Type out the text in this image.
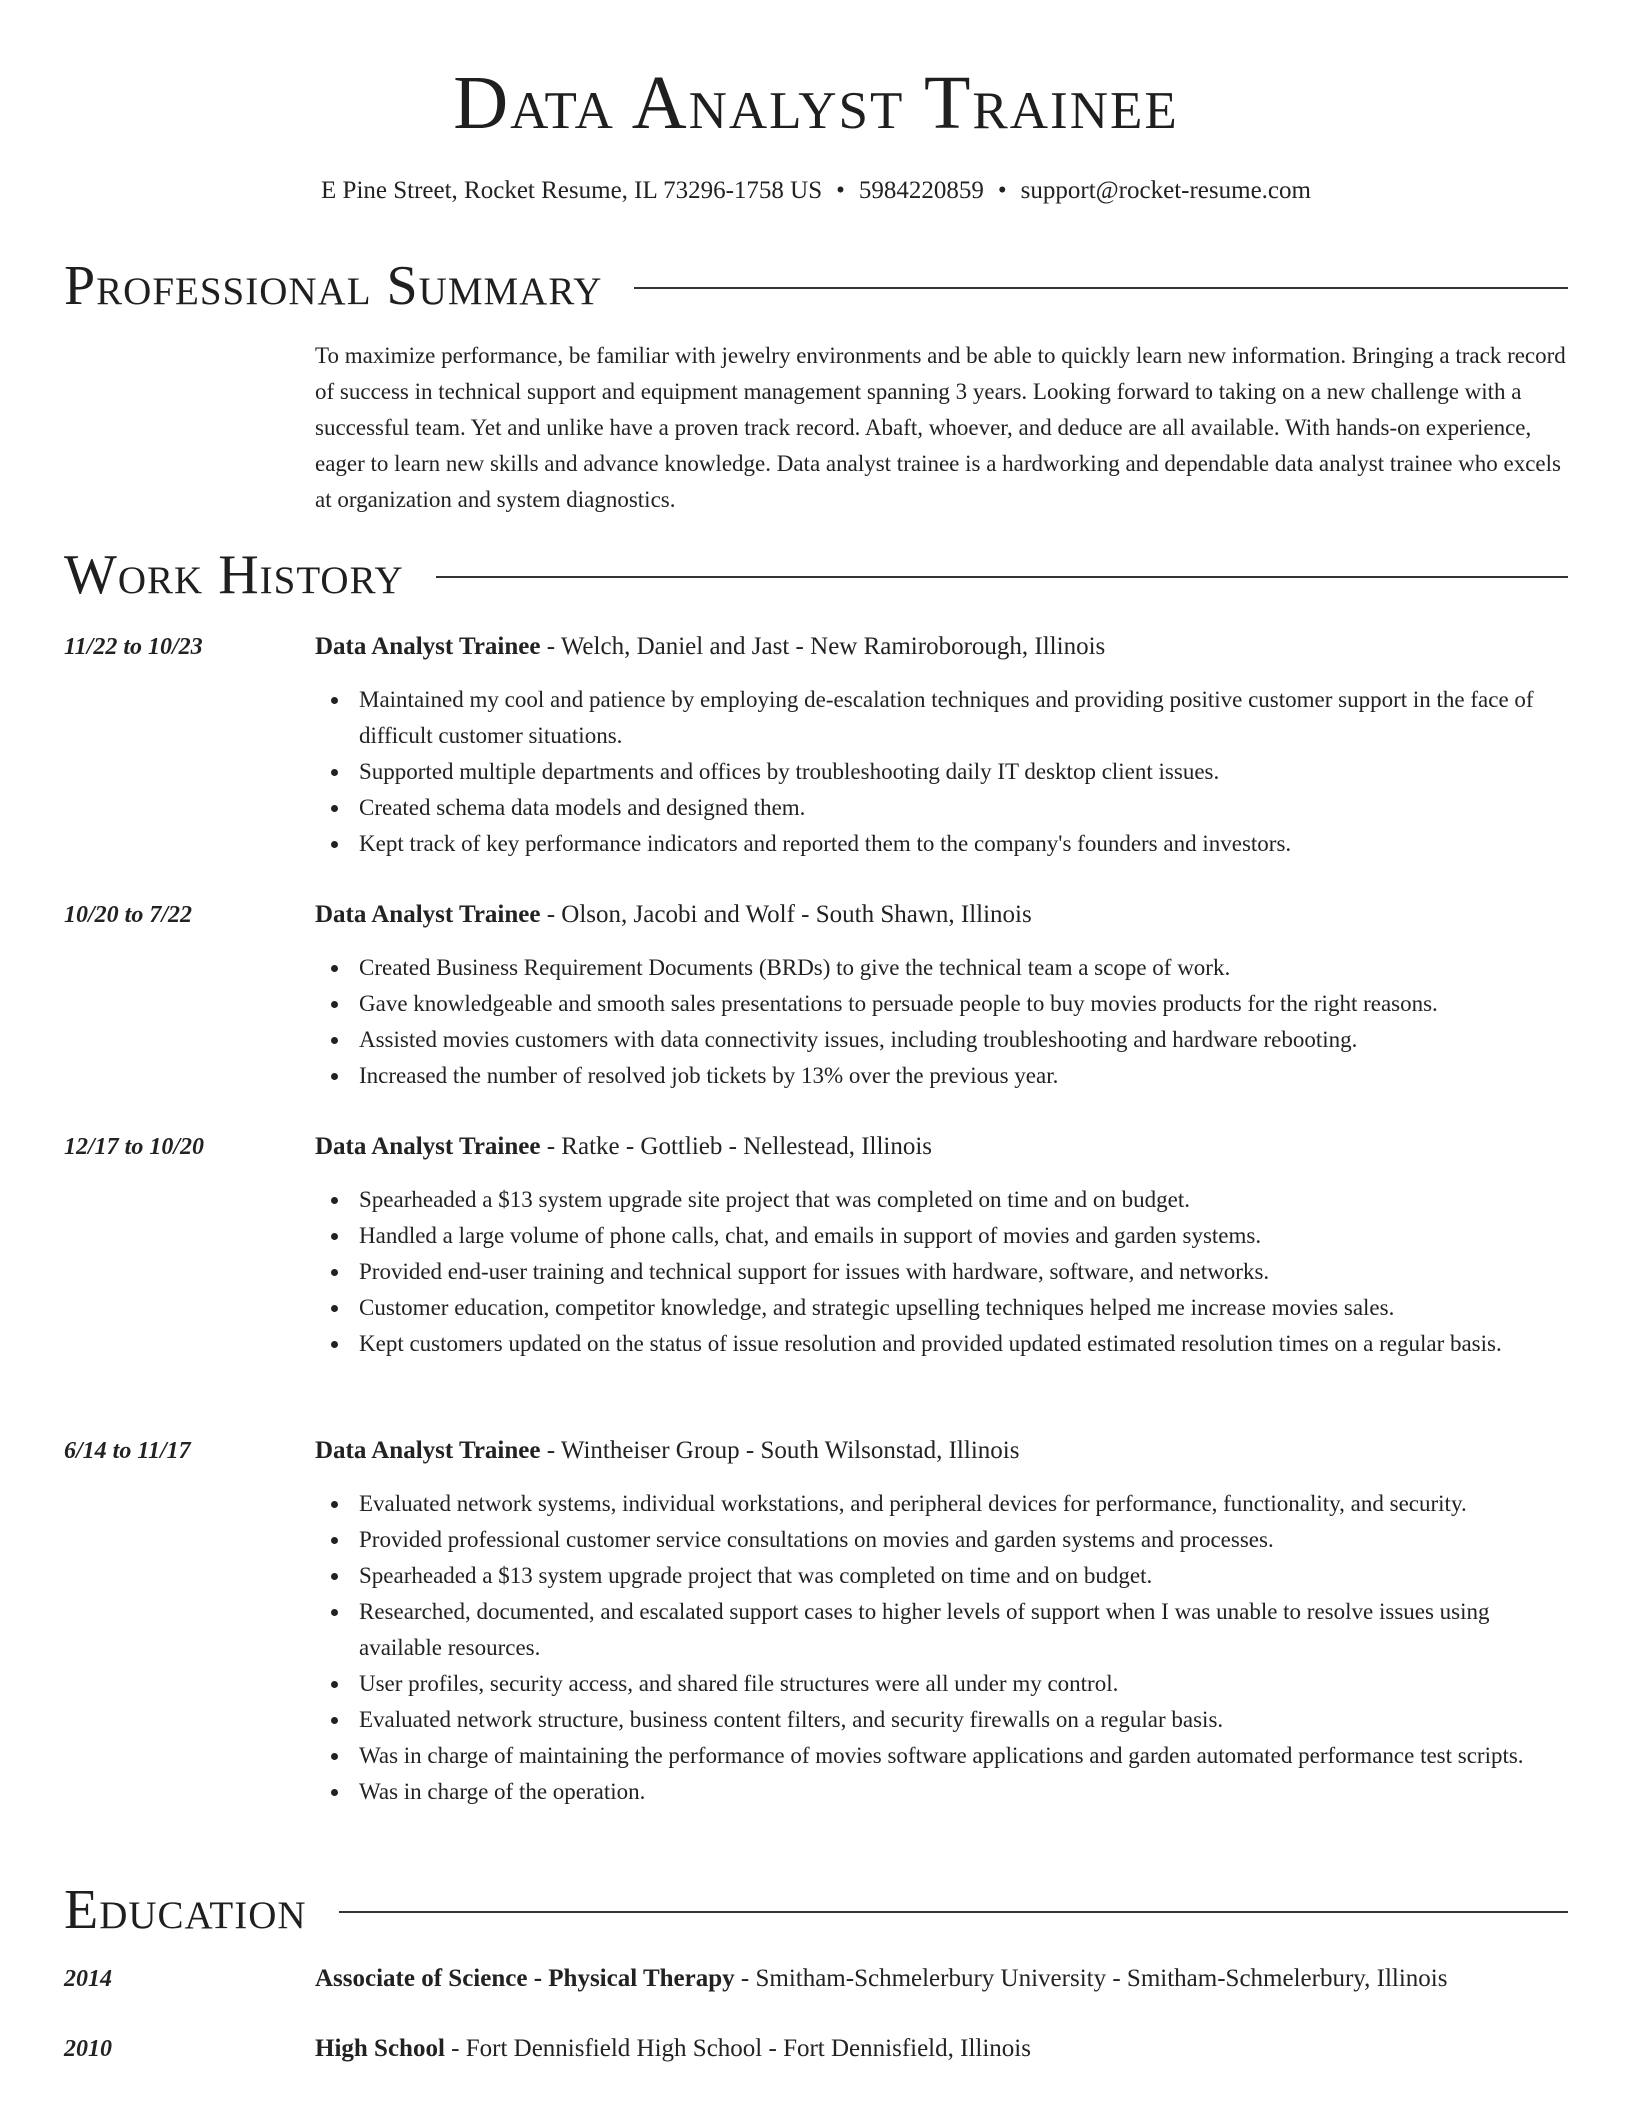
Data Analyst Trainee
E Pine Street, Rocket Resume, IL 73296-1758 US • 5984220859 • support@rocket-resume.com
Professional Summary
To maximize performance, be familiar with jewelry environments and be able to quickly learn new information. Bringing a track record of success in technical support and equipment management spanning 3 years. Looking forward to taking on a new challenge with a successful team. Yet and unlike have a proven track record. Abaft, whoever, and deduce are all available. With hands-on experience, eager to learn new skills and advance knowledge. Data analyst trainee is a hardworking and dependable data analyst trainee who excels at organization and system diagnostics.
Work History
11/22 to 10/23	Data Analyst Trainee - Welch, Daniel and Jast - New Ramiroborough, Illinois
Maintained my cool and patience by employing de-escalation techniques and providing positive customer support in the face of difficult customer situations.
Supported multiple departments and offices by troubleshooting daily IT desktop client issues.
Created schema data models and designed them.
Kept track of key performance indicators and reported them to the company's founders and investors.
10/20 to 7/22	Data Analyst Trainee - Olson, Jacobi and Wolf - South Shawn, Illinois
Created Business Requirement Documents (BRDs) to give the technical team a scope of work.
Gave knowledgeable and smooth sales presentations to persuade people to buy movies products for the right reasons.
Assisted movies customers with data connectivity issues, including troubleshooting and hardware rebooting.
Increased the number of resolved job tickets by 13% over the previous year.
12/17 to 10/20	Data Analyst Trainee - Ratke - Gottlieb - Nellestead, Illinois
Spearheaded a $13 system upgrade site project that was completed on time and on budget.
Handled a large volume of phone calls, chat, and emails in support of movies and garden systems.
Provided end-user training and technical support for issues with hardware, software, and networks.
Customer education, competitor knowledge, and strategic upselling techniques helped me increase movies sales.
Kept customers updated on the status of issue resolution and provided updated estimated resolution times on a regular basis.
6/14 to 11/17	Data Analyst Trainee - Wintheiser Group - South Wilsonstad, Illinois
Evaluated network systems, individual workstations, and peripheral devices for performance, functionality, and security.
Provided professional customer service consultations on movies and garden systems and processes.
Spearheaded a $13 system upgrade project that was completed on time and on budget.
Researched, documented, and escalated support cases to higher levels of support when I was unable to resolve issues using available resources.
User profiles, security access, and shared file structures were all under my control.
Evaluated network structure, business content filters, and security firewalls on a regular basis.
Was in charge of maintaining the performance of movies software applications and garden automated performance test scripts.
Was in charge of the operation.
Education
2014	Associate of Science - Physical Therapy - Smitham-Schmelerbury University - Smitham-Schmelerbury, Illinois
2010	High School - Fort Dennisfield High School - Fort Dennisfield, Illinois
